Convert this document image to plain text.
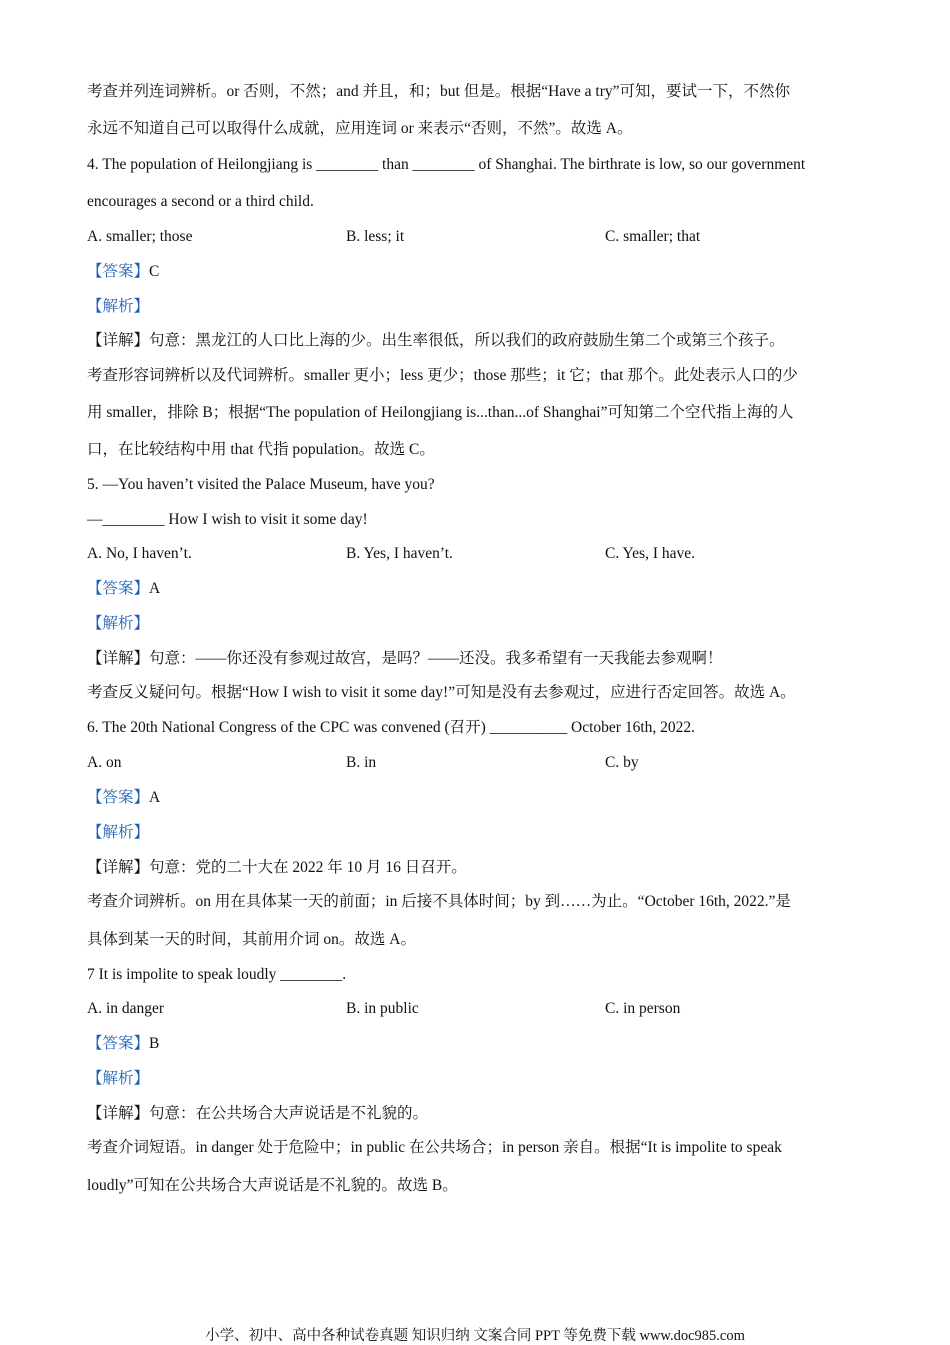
考查并列连词辨析。or 否则，不然；and 并且，和；but 但是。根据“Have a try”可知，要试一下，不然你
永远不知道自己可以取得什么成就，应用连词 or 来表示“否则，不然”。故选 A。
4. The population of Heilongjiang is ________ than ________ of Shanghai. The birthrate is low, so our government
encourages a second or a third child.
A. smaller; those	B. less; it	C. smaller; that
【答案】C
【解析】
【详解】句意：黑龙江的人口比上海的少。出生率很低，所以我们的政府鼓励生第二个或第三个孩子。
考查形容词辨析以及代词辨析。smaller 更小；less 更少；those 那些；it 它；that 那个。此处表示人口的少
用 smaller，排除 B；根据“The population of Heilongjiang is...than...of Shanghai”可知第二个空代指上海的人
口，在比较结构中用 that 代指 population。故选 C。
5. —You haven’t visited the Palace Museum, have you?
—________ How I wish to visit it some day!
A. No, I haven’t.	B. Yes, I haven’t.	C. Yes, I have.
【答案】A
【解析】
【详解】句意：——你还没有参观过故宫，是吗？——还没。我多希望有一天我能去参观啊！
考查反义疑问句。根据“How I wish to visit it some day!”可知是没有去参观过，应进行否定回答。故选 A。
6. The 20th National Congress of the CPC was convened (召开) __________ October 16th, 2022.
A. on	B. in	C. by
【答案】A
【解析】
【详解】句意：党的二十大在 2022 年 10 月 16 日召开。
考查介词辨析。on 用在具体某一天的前面；in 后接不具体时间；by 到……为止。“October 16th, 2022.”是
具体到某一天的时间，其前用介词 on。故选 A。
7 It is impolite to speak loudly ________.
A. in danger	B. in public	C. in person
【答案】B
【解析】
【详解】句意：在公共场合大声说话是不礼貌的。
考查介词短语。in danger 处于危险中；in public 在公共场合；in person 亲自。根据“It is impolite to speak
loudly”可知在公共场合大声说话是不礼貌的。故选 B。
小学、初中、高中各种试卷真题 知识归纳 文案合同 PPT 等免费下载 www.doc985.com
